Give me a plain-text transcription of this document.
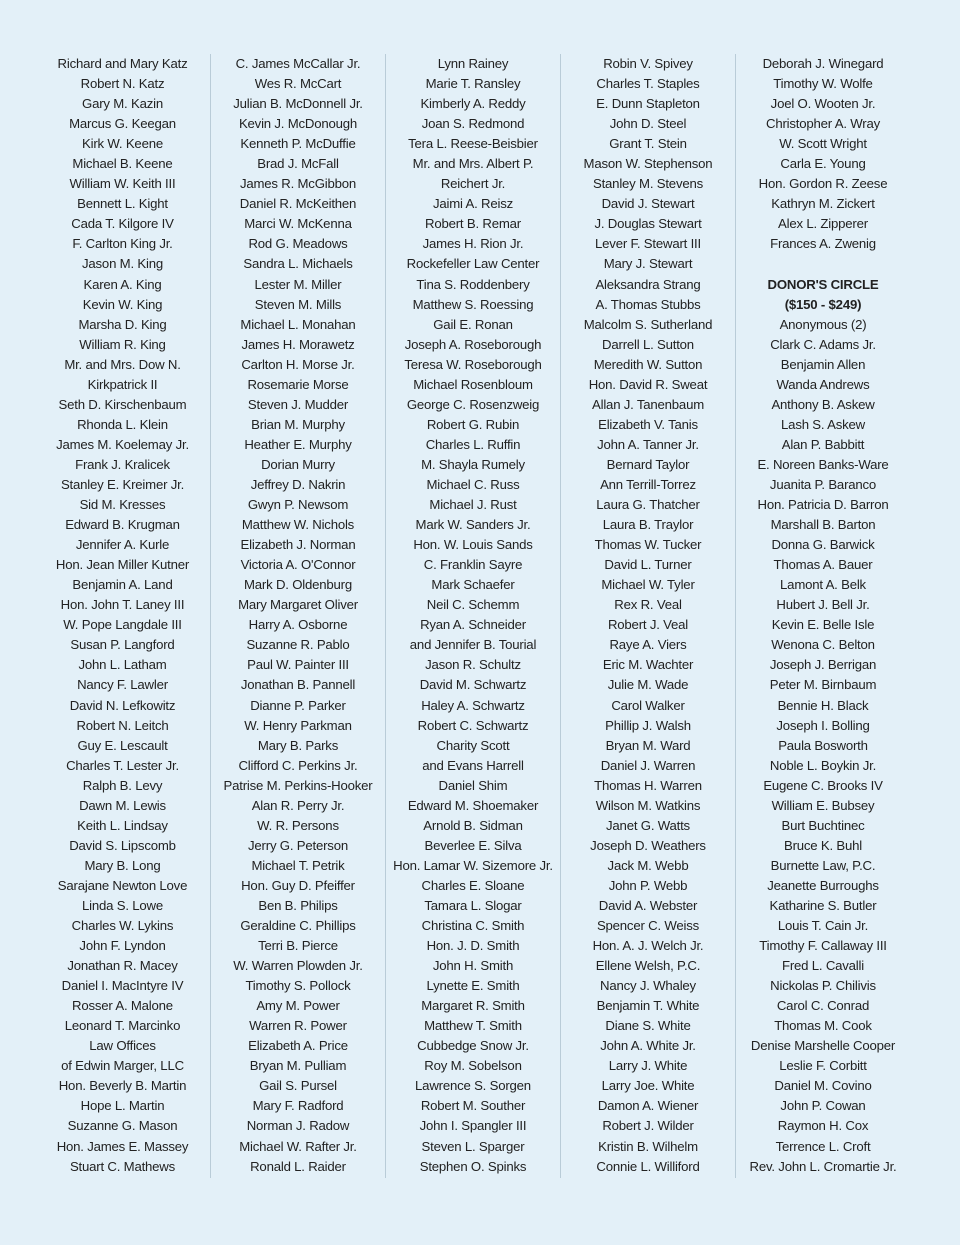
Richard and Mary Katz
Robert N. Katz
Gary M. Kazin
Marcus G. Keegan
Kirk W. Keene
Michael B. Keene
William W. Keith III
Bennett L. Kight
Cada T. Kilgore IV
F. Carlton King Jr.
Jason M. King
Karen A. King
Kevin W. King
Marsha D. King
William R. King
Mr. and Mrs. Dow N.
Kirkpatrick II
Seth D. Kirschenbaum
Rhonda L. Klein
James M. Koelemay Jr.
Frank J. Kralicek
Stanley E. Kreimer Jr.
Sid M. Kresses
Edward B. Krugman
Jennifer A. Kurle
Hon. Jean Miller Kutner
Benjamin A. Land
Hon. John T. Laney III
W. Pope Langdale III
Susan P. Langford
John L. Latham
Nancy F. Lawler
David N. Lefkowitz
Robert N. Leitch
Guy E. Lescault
Charles T. Lester Jr.
Ralph B. Levy
Dawn M. Lewis
Keith L. Lindsay
David S. Lipscomb
Mary B. Long
Sarajane Newton Love
Linda S. Lowe
Charles W. Lykins
John F. Lyndon
Jonathan R. Macey
Daniel I. MacIntyre IV
Rosser A. Malone
Leonard T. Marcinko
Law Offices
of Edwin Marger, LLC
Hon. Beverly B. Martin
Hope L. Martin
Suzanne G. Mason
Hon. James E. Massey
Stuart C. Mathews
C. James McCallar Jr.
Wes R. McCart
Julian B. McDonnell Jr.
Kevin J. McDonough
Kenneth P. McDuffie
Brad J. McFall
James R. McGibbon
Daniel R. McKeithen
Marci W. McKenna
Rod G. Meadows
Sandra L. Michaels
Lester M. Miller
Steven M. Mills
Michael L. Monahan
James H. Morawetz
Carlton H. Morse Jr.
Rosemarie Morse
Steven J. Mudder
Brian M. Murphy
Heather E. Murphy
Dorian Murry
Jeffrey D. Nakrin
Gwyn P. Newsom
Matthew W. Nichols
Elizabeth J. Norman
Victoria A. O'Connor
Mark D. Oldenburg
Mary Margaret Oliver
Harry A. Osborne
Suzanne R. Pablo
Paul W. Painter III
Jonathan B. Pannell
Dianne P. Parker
W. Henry Parkman
Mary B. Parks
Clifford C. Perkins Jr.
Patrise M. Perkins-Hooker
Alan R. Perry Jr.
W. R. Persons
Jerry G. Peterson
Michael T. Petrik
Hon. Guy D. Pfeiffer
Ben B. Philips
Geraldine C. Phillips
Terri B. Pierce
W. Warren Plowden Jr.
Timothy S. Pollock
Amy M. Power
Warren R. Power
Elizabeth A. Price
Bryan M. Pulliam
Gail S. Pursel
Mary F. Radford
Norman J. Radow
Michael W. Rafter Jr.
Ronald L. Raider
Lynn Rainey
Marie T. Ransley
Kimberly A. Reddy
Joan S. Redmond
Tera L. Reese-Beisbier
Mr. and Mrs. Albert P.
Reichert Jr.
Jaimi A. Reisz
Robert B. Remar
James H. Rion Jr.
Rockefeller Law Center
Tina S. Roddenbery
Matthew S. Roessing
Gail E. Ronan
Joseph A. Roseborough
Teresa W. Roseborough
Michael Rosenbloum
George C. Rosenzweig
Robert G. Rubin
Charles L. Ruffin
M. Shayla Rumely
Michael C. Russ
Michael J. Rust
Mark W. Sanders Jr.
Hon. W. Louis Sands
C. Franklin Sayre
Mark Schaefer
Neil C. Schemm
Ryan A. Schneider
and Jennifer B. Tourial
Jason R. Schultz
David M. Schwartz
Haley A. Schwartz
Robert C. Schwartz
Charity Scott
and Evans Harrell
Daniel Shim
Edward M. Shoemaker
Arnold B. Sidman
Beverlee E. Silva
Hon. Lamar W. Sizemore Jr.
Charles E. Sloane
Tamara L. Slogar
Christina C. Smith
Hon. J. D. Smith
John H. Smith
Lynette E. Smith
Margaret R. Smith
Matthew T. Smith
Cubbedge Snow Jr.
Roy M. Sobelson
Lawrence S. Sorgen
Robert M. Souther
John I. Spangler III
Steven L. Sparger
Stephen O. Spinks
Robin V. Spivey
Charles T. Staples
E. Dunn Stapleton
John D. Steel
Grant T. Stein
Mason W. Stephenson
Stanley M. Stevens
David J. Stewart
J. Douglas Stewart
Lever F. Stewart III
Mary J. Stewart
Aleksandra Strang
A. Thomas Stubbs
Malcolm S. Sutherland
Darrell L. Sutton
Meredith W. Sutton
Hon. David R. Sweat
Allan J. Tanenbaum
Elizabeth V. Tanis
John A. Tanner Jr.
Bernard Taylor
Ann Terrill-Torrez
Laura G. Thatcher
Laura B. Traylor
Thomas W. Tucker
David L. Turner
Michael W. Tyler
Rex R. Veal
Robert J. Veal
Raye A. Viers
Eric M. Wachter
Julie M. Wade
Carol Walker
Phillip J. Walsh
Bryan M. Ward
Daniel J. Warren
Thomas H. Warren
Wilson M. Watkins
Janet G. Watts
Joseph D. Weathers
Jack M. Webb
John P. Webb
David A. Webster
Spencer C. Weiss
Hon. A. J. Welch Jr.
Ellene Welsh, P.C.
Nancy J. Whaley
Benjamin T. White
Diane S. White
John A. White Jr.
Larry J. White
Larry Joe. White
Damon A. Wiener
Robert J. Wilder
Kristin B. Wilhelm
Connie L. Williford
Deborah J. Winegard
Timothy W. Wolfe
Joel O. Wooten Jr.
Christopher A. Wray
W. Scott Wright
Carla E. Young
Hon. Gordon R. Zeese
Kathryn M. Zickert
Alex L. Zipperer
Frances A. Zwenig
DONOR'S CIRCLE
($150 - $249)
Anonymous (2)
Clark C. Adams Jr.
Benjamin Allen
Wanda Andrews
Anthony B. Askew
Lash S. Askew
Alan P. Babbitt
E. Noreen Banks-Ware
Juanita P. Baranco
Hon. Patricia D. Barron
Marshall B. Barton
Donna G. Barwick
Thomas A. Bauer
Lamont A. Belk
Hubert J. Bell Jr.
Kevin E. Belle Isle
Wenona C. Belton
Joseph J. Berrigan
Peter M. Birnbaum
Bennie H. Black
Joseph I. Bolling
Paula Bosworth
Noble L. Boykin Jr.
Eugene C. Brooks IV
William E. Bubsey
Burt Buchtinec
Bruce K. Buhl
Burnette Law, P.C.
Jeanette Burroughs
Katharine S. Butler
Louis T. Cain Jr.
Timothy F. Callaway III
Fred L. Cavalli
Nickolas P. Chilivis
Carol C. Conrad
Thomas M. Cook
Denise Marshelle Cooper
Leslie F. Corbitt
Daniel M. Covino
John P. Cowan
Raymon H. Cox
Terrence L. Croft
Rev. John L. Cromartie Jr.
